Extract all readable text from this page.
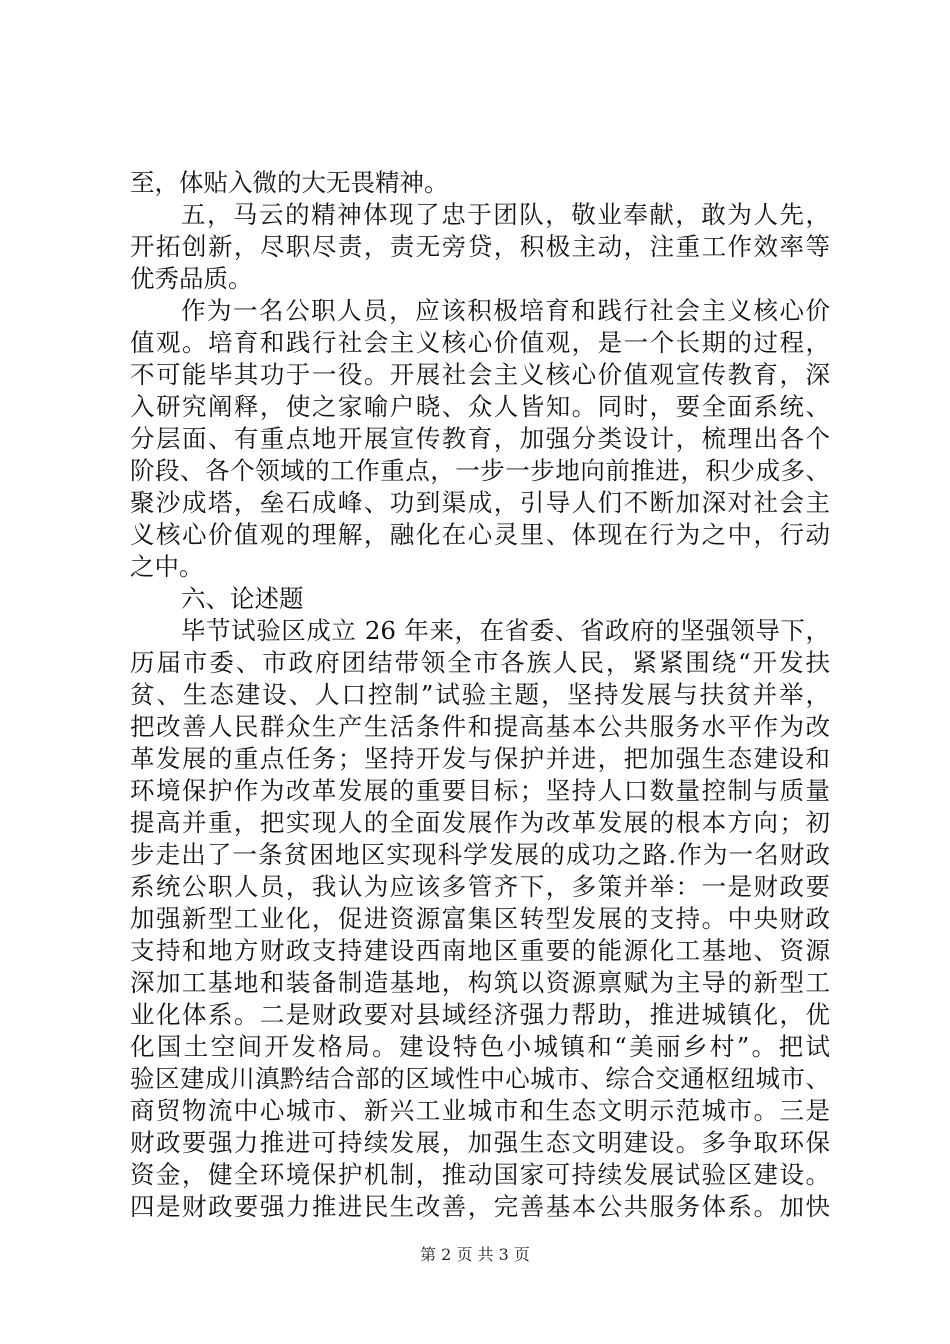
至，体贴入微的大无畏精神。
五，马云的精神体现了忠于团队，敬业奉献，敢为人先，
开拓创新，尽职尽责，责无旁贷，积极主动，注重工作效率等
优秀品质。
作为一名公职人员，应该积极培育和践行社会主义核心价
值观。培育和践行社会主义核心价值观，是一个长期的过程，
不可能毕其功于一役。开展社会主义核心价值观宣传教育，深
入研究阐释，使之家喻户晓、众人皆知。同时，要全面系统、
分层面、有重点地开展宣传教育，加强分类设计，梳理出各个
阶段、各个领域的工作重点，一步一步地向前推进，积少成多、
聚沙成塔，垒石成峰、功到渠成，引导人们不断加深对社会主
义核心价值观的理解，融化在心灵里、体现在行为之中，行动
之中。
六、论述题
毕节试验区成立 26 年来，在省委、省政府的坚强领导下，
历届市委、市政府团结带领全市各族人民，紧紧围绕“开发扶
贫、生态建设、人口控制”试验主题，坚持发展与扶贫并举，
把改善人民群众生产生活条件和提高基本公共服务水平作为改
革发展的重点任务；坚持开发与保护并进，把加强生态建设和
环境保护作为改革发展的重要目标；坚持人口数量控制与质量
提高并重，把实现人的全面发展作为改革发展的根本方向；初
步走出了一条贫困地区实现科学发展的成功之路.作为一名财政
系统公职人员，我认为应该多管齐下，多策并举：一是财政要
加强新型工业化，促进资源富集区转型发展的支持。中央财政
支持和地方财政支持建设西南地区重要的能源化工基地、资源
深加工基地和装备制造基地，构筑以资源禀赋为主导的新型工
业化体系。二是财政要对县域经济强力帮助，推进城镇化，优
化国土空间开发格局。建设特色小城镇和“美丽乡村”。把试
验区建成川滇黔结合部的区域性中心城市、综合交通枢纽城市、
商贸物流中心城市、新兴工业城市和生态文明示范城市。三是
财政要强力推进可持续发展，加强生态文明建设。多争取环保
资金，健全环境保护机制，推动国家可持续发展试验区建设。
四是财政要强力推进民生改善，完善基本公共服务体系。加快
第 2 页 共 3 页
